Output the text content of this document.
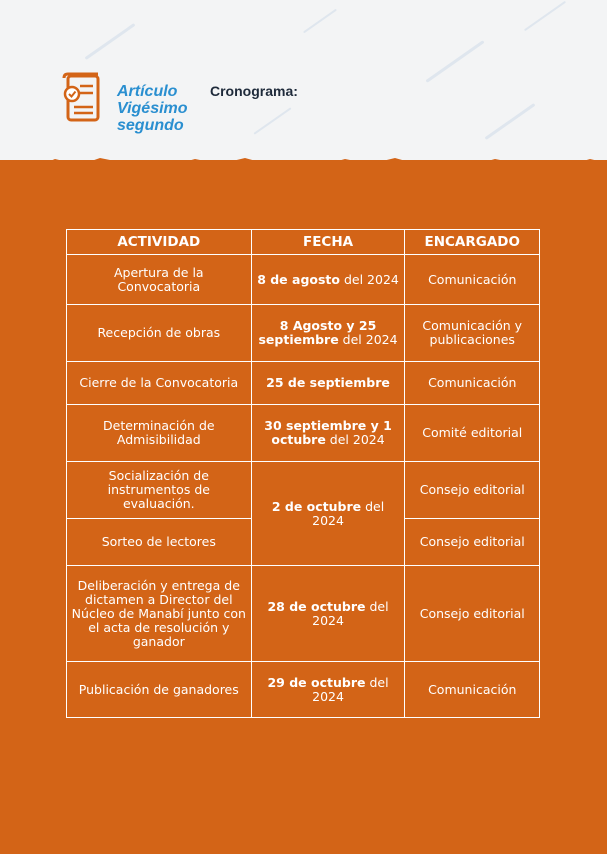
Artículo
Vigésimo
segundo
Cronograma:
ACTIVIDAD	FECHA	ENCARGADO
Apertura de la Convocatoria	8 de agosto del 2024	Comunicación
Recepción de obras	8 Agosto y 25 septiembre del 2024	Comunicación y publicaciones
Cierre de la Convocatoria	25 de septiembre	Comunicación
Determinación de Admisibilidad	30 septiembre y 1 octubre del 2024	Comité editorial
Socialización de instrumentos de evaluación.	2 de octubre del 2024	Consejo editorial
Sorteo de lectores		Consejo editorial
Deliberación y entrega de dictamen a Director del Núcleo de Manabí junto con el acta de resolución y ganador	28 de octubre del 2024	Consejo editorial
Publicación de ganadores	29 de octubre del 2024	Comunicación
